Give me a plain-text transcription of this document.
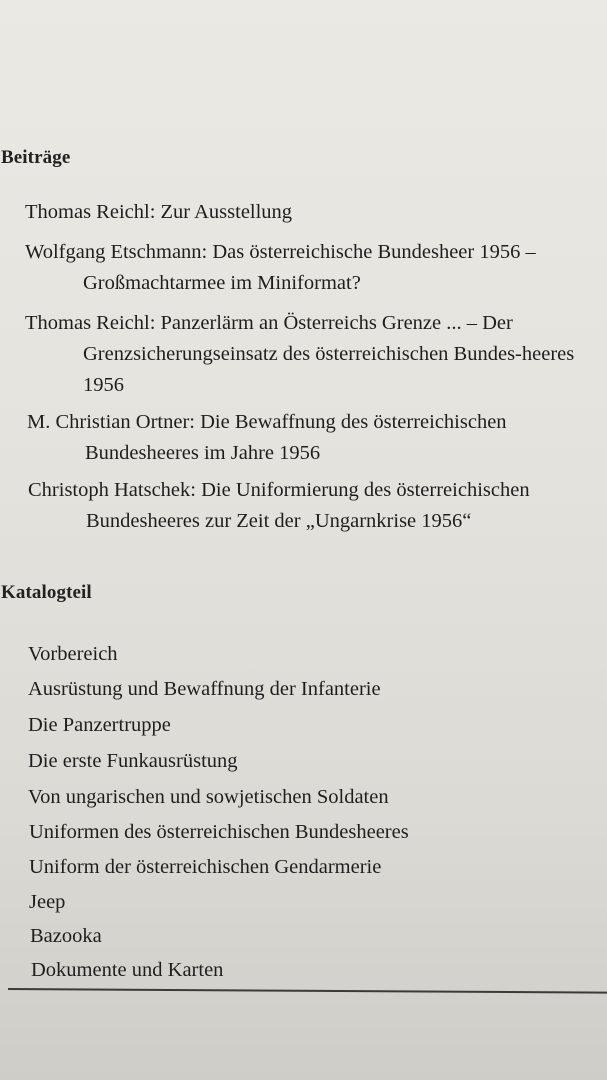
Beiträge

Thomas Reichl: Zur Ausstellung

Wolfgang Etschmann: Das österreichische Bundesheer 1956 – Großmachtarmee im Miniformat?

Thomas Reichl: Panzerlärm an Österreichs Grenze ... – Der Grenzsicherungseinsatz des österreichischen Bundes-heeres 1956

M. Christian Ortner: Die Bewaffnung des österreichischen Bundesheeres im Jahre 1956

Christoph Hatschek: Die Uniformierung des österreichischen Bundesheeres zur Zeit der „Ungarnkrise 1956“

Katalogteil

Vorbereich

Ausrüstung und Bewaffnung der Infanterie

Die Panzertruppe

Die erste Funkausrüstung

Von ungarischen und sowjetischen Soldaten

Uniformen des österreichischen Bundesheeres

Uniform der österreichischen Gendarmerie

Jeep

Bazooka

Dokumente und Karten
